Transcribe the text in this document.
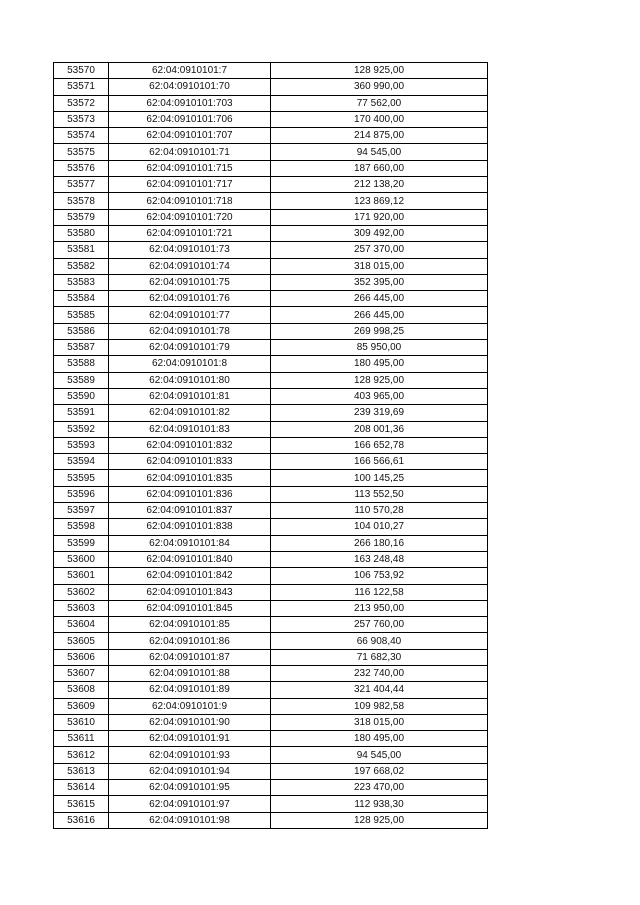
53570	62:04:0910101:7	128 925,00
53571	62:04:0910101:70	360 990,00
53572	62:04:0910101:703	77 562,00
53573	62:04:0910101:706	170 400,00
53574	62:04:0910101:707	214 875,00
53575	62:04:0910101:71	94 545,00
53576	62:04:0910101:715	187 660,00
53577	62:04:0910101:717	212 138,20
53578	62:04:0910101:718	123 869,12
53579	62:04:0910101:720	171 920,00
53580	62:04:0910101:721	309 492,00
53581	62:04:0910101:73	257 370,00
53582	62:04:0910101:74	318 015,00
53583	62:04:0910101:75	352 395,00
53584	62:04:0910101:76	266 445,00
53585	62:04:0910101:77	266 445,00
53586	62:04:0910101:78	269 998,25
53587	62:04:0910101:79	85 950,00
53588	62:04:0910101:8	180 495,00
53589	62:04:0910101:80	128 925,00
53590	62:04:0910101:81	403 965,00
53591	62:04:0910101:82	239 319,69
53592	62:04:0910101:83	208 001,36
53593	62:04:0910101:832	166 652,78
53594	62:04:0910101:833	166 566,61
53595	62:04:0910101:835	100 145,25
53596	62:04:0910101:836	113 552,50
53597	62:04:0910101:837	110 570,28
53598	62:04:0910101:838	104 010,27
53599	62:04:0910101:84	266 180,16
53600	62:04:0910101:840	163 248,48
53601	62:04:0910101:842	106 753,92
53602	62:04:0910101:843	116 122,58
53603	62:04:0910101:845	213 950,00
53604	62:04:0910101:85	257 760,00
53605	62:04:0910101:86	66 908,40
53606	62:04:0910101:87	71 682,30
53607	62:04:0910101:88	232 740,00
53608	62:04:0910101:89	321 404,44
53609	62:04:0910101:9	109 982,58
53610	62:04:0910101:90	318 015,00
53611	62:04:0910101:91	180 495,00
53612	62:04:0910101:93	94 545,00
53613	62:04:0910101:94	197 668,02
53614	62:04:0910101:95	223 470,00
53615	62:04:0910101:97	112 938,30
53616	62:04:0910101:98	128 925,00
